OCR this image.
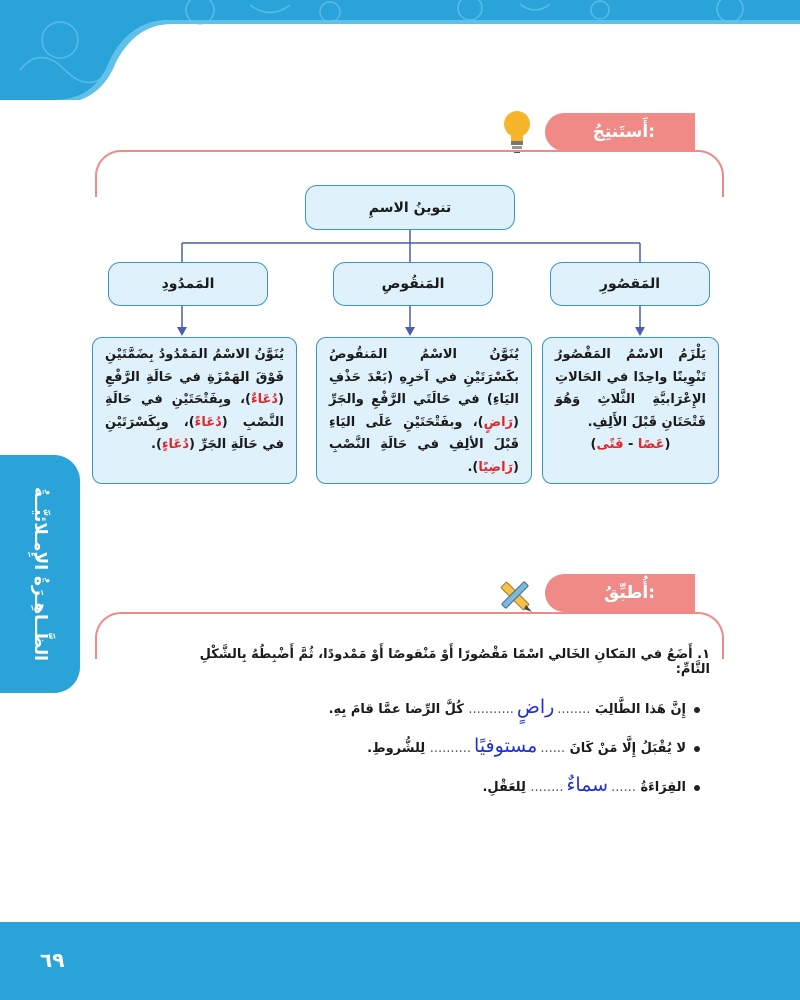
الظَّــاهِـرَةُ الإِمـلائيَّــةُ
أَستَنتِجُ:
تنوينُ الاسمِ
المَقصُورِ
المَنقُوصِ
المَمدُودِ
يَلْزَمُ الاسْمُ المَقْصُورُ تَنْوِينًا واحِدًا في الحَالاتِ الإِعْرَابيَّةِ الثَّلاثِ وَهُوَ فَتْحَتَانِ قَبْلَ الأَلِفِ.
(عَصًا - فَتًى)
يُنَوَّنُ الاسْمُ المَنقُوصُ بكَسْرَتَيْنِ في آخرِهِ (بَعْدَ حَذْفِ اليَاءِ) في حَالَتَي الرَّفْعِ والجَرِّ (رَاضٍ)، وبفَتْحَتَيْنِ عَلَى اليَاءِ قَبْلَ الألِفِ في حَالَةِ النَّصْبِ (رَاضِيًا).
يُنَوَّنُ الاسْمُ المَمْدُودُ بِضَمَّتَيْنِ فَوْقَ الهَمْزَةِ في حَالَةِ الرَّفْعِ (دُعَاءٌ)، وبِفَتْحَتَيْنِ في حَالَةِ النَّصْبِ (دُعَاءً)، وبِكَسْرَتَيْنِ في حَالَةِ الجَرِّ (دُعَاءٍ).
أُطبِّقُ:
١. أَضَعُ في المَكانِ الخَالي اسْمًا مَقْصُورًا أَوْ مَنْقوصًا أَوْ مَمْدودًا، ثُمَّ أَضْبِطُهُ بِالشَّكْلِ التَّامِّ:
إِنَّ هَذا الطَّالِبَ ........راضٍ........... كُلَّ الرِّضا عمَّا قامَ بِهِ.
لا يُقْبَلُ إِلَّا مَنْ كَانَ ......مستوفيًا.......... لِلشُّروطِ.
القِرَاءَةُ ......سماءٌ........ لِلعَقْلِ.
٦٩
